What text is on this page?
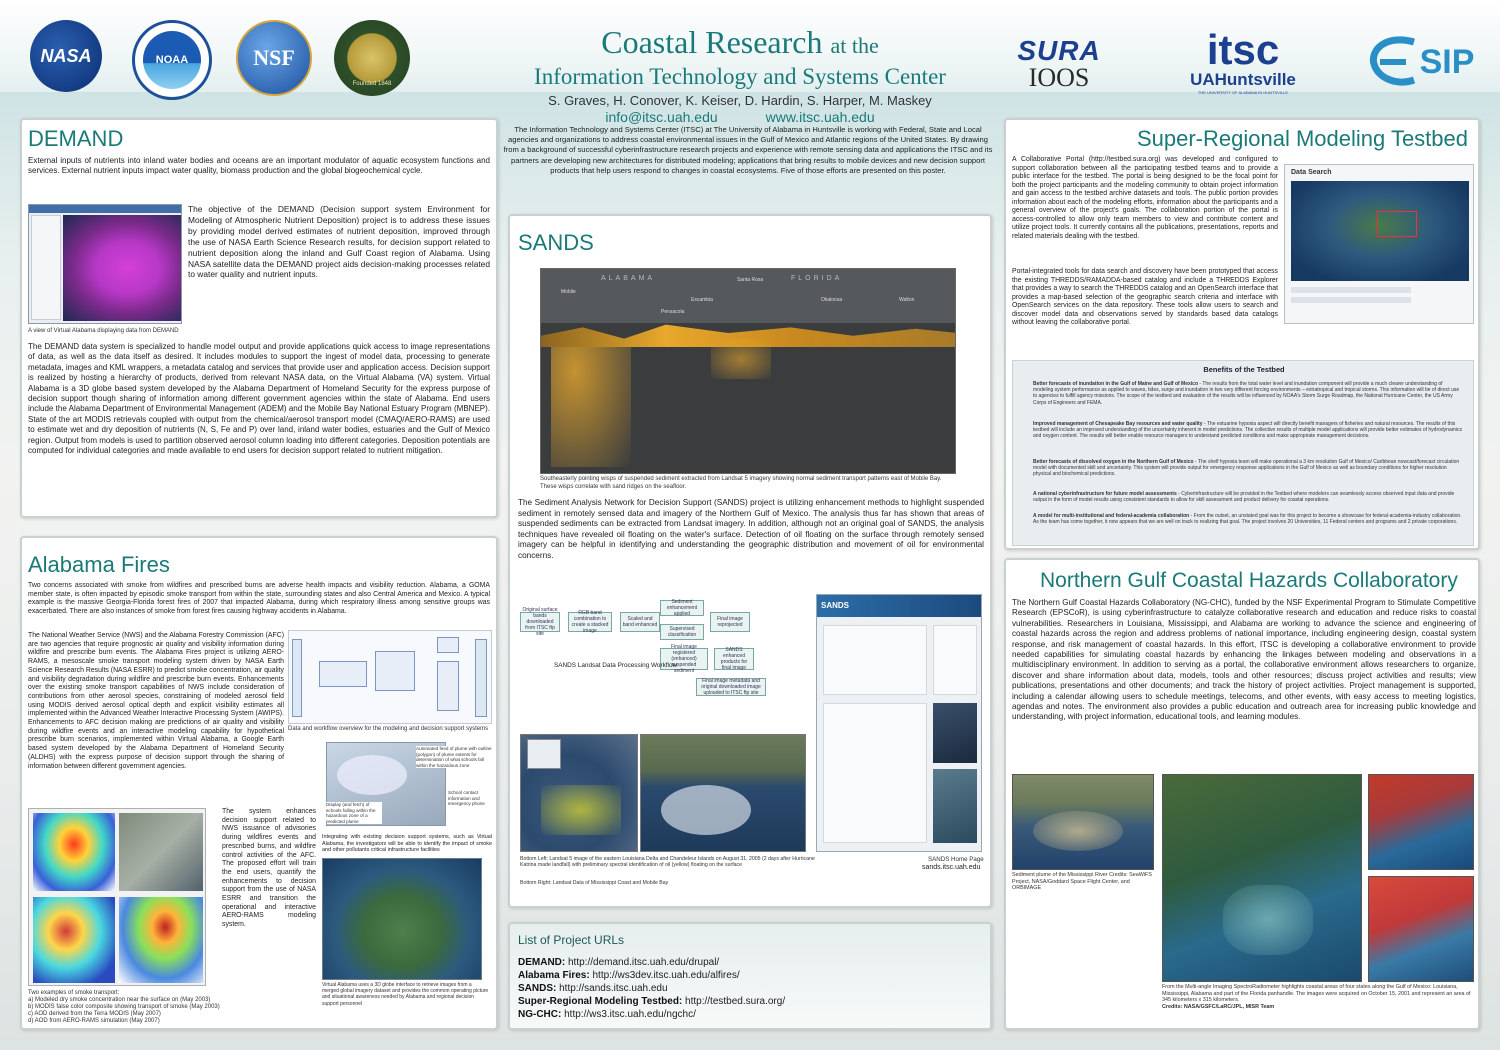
NASA	NOAA	NSF
Founded 1848
Coastal Research at the
Information Technology and Systems Center
S. Graves, H. Conover, K. Keiser, D. Hardin, S. Harper, M. Maskey
info@itsc.uah.edu	www.itsc.uah.edu
SURA
IOOS
itsc
UAHuntsville
THE UNIVERSITY OF ALABAMA IN HUNTSVILLE
SIP
The Information Technology and Systems Center (ITSC) at The University of Alabama in Huntsville is working with Federal, State and Local agencies and organizations to address coastal environmental issues in the Gulf of Mexico and Atlantic regions of the United States. By drawing from a background of successful cyberinfrastructure research projects and experience with remote sensing data and applications the ITSC and its partners are developing new architectures for distributed modeling; applications that bring results to mobile devices and new decision support products that help users respond to changes in coastal ecosystems. Five of those efforts are presented on this poster.
DEMAND
External inputs of nutrients into inland water bodies and oceans are an important modulator of aquatic ecosystem functions and services. External nutrient inputs impact water quality, biomass production and the global biogeochemical cycle.
A view of Virtual Alabama displaying data from DEMAND
The objective of the DEMAND (Decision support system Environment for Modeling of Atmospheric Nutrient Deposition) project is to address these issues by providing model derived estimates of nutrient deposition, improved through the use of NASA Earth Science Research results, for decision support related to nutrient deposition along the inland and Gulf Coast region of Alabama. Using NASA satellite data the DEMAND project aids decision-making processes related to water quality and nutrient inputs.
The DEMAND data system is specialized to handle model output and provide applications quick access to image representations of data, as well as the data itself as desired. It includes modules to support the ingest of model data, processing to generate metadata, images and KML wrappers, a metadata catalog and services that provide user and application access. Decision support is realized by hosting a hierarchy of products, derived from relevant NASA data, on the Virtual Alabama (VA) system. Virtual Alabama is a 3D globe based system developed by the Alabama Department of Homeland Security for the express purpose of decision support though sharing of information among different government agencies within the state of Alabama. End users include the Alabama Department of Environmental Management (ADEM) and the Mobile Bay National Estuary Program (MBNEP). State of the art MODIS retrievals coupled with output from the chemical/aerosol transport model (CMAQ/AERO-RAMS) are used to estimate wet and dry deposition of nutrients (N, S, Fe and P) over land, inland water bodies, estuaries and the Gulf of Mexico region. Output from models is used to partition observed aerosol column loading into different categories. Deposition potentials are computed for individual categories and made available to end users for decision support related to nutrient mitigation.
Alabama Fires
Two concerns associated with smoke from wildfires and prescribed burns are adverse health impacts and visibility reduction. Alabama, a GOMA member state, is often impacted by episodic smoke transport from within the state, surrounding states and also Central America and Mexico. A typical example is the massive Georgia-Florida forest fires of 2007 that impacted Alabama, during which respiratory illness among sensitive groups was exacerbated. There are also instances of smoke from forest fires causing highway accidents in Alabama.
The National Weather Service (NWS) and the Alabama Forestry Commission (AFC) are two agencies that require prognostic air quality and visibility information during wildfire and prescribe burn events. The Alabama Fires project is utilizing AERO-RAMS, a mesoscale smoke transport modeling system driven by NASA Earth Science Research Results (NASA ESRR) to predict smoke concentration, air quality and visibility degradation during wildfire and prescribe burn events. Enhancements over the existing smoke transport capabilities of NWS include consideration of contributions from other aerosol species, constraining of modeled aerosol field using MODIS derived aerosol optical depth and explicit visibility estimates all implemented within the Advanced Weather Interactive Processing System (AWIPS). Enhancements to AFC decision making are predictions of air quality and visibility during wildfire events and an interactive modeling capability for hypothetical prescribe burn scenarios, implemented within Virtual Alabama, a Google Earth based system developed by the Alabama Department of Homeland Security (ALDHS) with the express purpose of decision support through the sharing of information between different government agencies.
Data and workflow overview for the modeling and decision support systems
Automated feed of plume with outline (polygon) of plume extents for determination of what schools fall within the hazardous zone
School contact information and emergency phone
Display (and fetch) of schools falling within the hazardous zone of a predicted plume
Integrating with existing decision support systems, such as Virtual Alabama, the investigators will be able to identify the impact of smoke and other pollutants critical infrastructure facilities
Virtual Alabama uses a 3D globe interface to retrieve images from a merged global imagery dataset and provides the common operating picture and situational awareness needed by Alabama and regional decision support personnel
The system enhances decision support related to NWS issuance of advisories during wildfires events and prescribed burns, and wildfire control activities of the AFC. The proposed effort will train the end users, quantify the enhancements to decision support from the use of NASA ESRR and transition the operational and interactive AERO-RAMS modeling system.
Two examples of smoke transport:
a) Modeled dry smoke concentration near the surface on (May 2003)
b) MODIS false color composite showing transport of smoke (May 2003)
c) AOD derived from the Terra MODIS (May 2007)
d) AOD from AERO-RAMS simulation (May 2007)
SANDS
Mobile
Pensacola
Santa Rosa
Escambia	Okaloosa	Walton
FLORIDA
ALABAMA
Southeasterly pointing wisps of suspended sediment extracted from Landsat 5 imagery showing normal sediment transport patterns east of Mobile Bay. These wisps correlate with sand ridges on the seafloor.
The Sediment Analysis Network for Decision Support (SANDS) project is utilizing enhancement methods to highlight suspended sediment in remotely sensed data and imagery of the Northern Gulf of Mexico. The analysis thus far has shown that areas of suspended sediments can be extracted from Landsat imagery. In addition, although not an original goal of SANDS, the analysis techniques have revealed oil floating on the water's surface. Detection of oil floating on the surface through remotely sensed imagery can be helpful in identifying and understanding the geographic distribution and movement of oil for environmental concerns.
Original surface bands downloaded from ITSC ftp site
RGB band combination to create a stacked image
Scaled and band enhanced
Sediment enhancement applied
Supervised classification
Final image reprojected
Final image registered (enhanced) suspended sediment
SANDS enhanced products for final image
Final image metadata and original downloaded image uploaded to ITSC ftp site
SANDS Landsat Data Processing Workflow
SANDS
SANDS Home Page
sands.itsc.uah.edu
Bottom Left: Landsat 5 image of the eastern Louisiana Delta and Chandeleur Islands on August 31, 2005 (2 days after Hurricane Katrina made landfall) with preliminary spectral identification of oil (yellow) floating on the surface
Bottom Right: Landsat Data of Mississippi Coast and Mobile Bay
List of Project URLs
DEMAND: http://demand.itsc.uah.edu/drupal/
Alabama Fires: http://ws3dev.itsc.uah.edu/alfires/
SANDS: http://sands.itsc.uah.edu
Super-Regional Modeling Testbed: http://testbed.sura.org/
NG-CHC: http://ws3.itsc.uah.edu/ngchc/
Super-Regional Modeling Testbed
A Collaborative Portal (http://testbed.sura.org) was developed and configured to support collaboration between all the participating testbed teams and to provide a public interface for the testbed. The portal is being designed to be the focal point for both the project participants and the modeling community to obtain project information and gain access to the testbed archive datasets and tools. The public portion provides information about each of the modeling efforts, information about the participants and a general overview of the project's goals. The collaboration portion of the portal is access-controlled to allow only team members to view and contribute content and utilize project tools. It currently contains all the publications, presentations, reports and related materials dealing with the testbed.
Portal-integrated tools for data search and discovery have been prototyped that access the existing THREDDS/RAMADDA-based catalog and include a THREDDS Explorer that provides a way to search the THREDDS catalog and an OpenSearch interface that provides a map-based selection of the geographic search criteria and interface with OpenSearch services on the data repository. These tools allow users to search and discover model data and observations served by standards based data catalogs without leaving the collaborative portal.
Data Search
Benefits of the Testbed
Better forecasts of inundation in the Gulf of Maine and Gulf of Mexico - The results from the total water level and inundation component will provide a much clearer understanding of modeling system performance as applied to waves, tides, surge and inundation in two very different forcing environments – extratropical and tropical storms. This information will be of direct use to agencies to fulfill agency missions. The scope of the testbed and evaluation of the results will be influenced by NOAA's Storm Surge Roadmap, the National Hurricane Center, the US Army Corps of Engineers and FEMA.
Improved management of Chesapeake Bay resources and water quality - The estuarine hypoxia aspect will directly benefit managers of fisheries and natural resources. The results of this testbed will include an improved understanding of the uncertainty inherent in model predictions. The collective results of multiple model applications will provide better estimates of hydrodynamics and oxygen content. The results will better enable resource managers to understand predicted conditions and make appropriate management decisions.
Better forecasts of dissolved oxygen in the Northern Gulf of Mexico - The shelf hypoxia team will make operational a 3 km resolution Gulf of Mexico/ Caribbean nowcast/forecast circulation model with documented skill and uncertainty. This system will provide output for emergency response applications in the Gulf of Mexico as well as boundary conditions for higher resolution physical and biochemical predictions.
A national cyberinfrastructure for future model assessments - Cyberinfrastructure will be provided in the Testbed where modelers can seamlessly access observed input data and provide output in the form of model results using consistent standards to allow for skill assessment and product delivery for coastal operations.
A model for multi-institutional and federal-academia collaboration - From the outset, an unstated goal was for this project to become a showcase for federal-academia-industry collaboration. As the team has come together, it now appears that we are well on track to realizing that goal. The project involves 20 Universities, 11 Federal centers and programs and 2 private corporations.
Northern Gulf Coastal Hazards Collaboratory
The Northern Gulf Coastal Hazards Collaboratory (NG-CHC), funded by the NSF Experimental Program to Stimulate Competitive Research (EPSCoR), is using cyberinfrastructure to catalyze collaborative research and education and reduce risks to coastal vulnerabilities. Researchers in Louisiana, Mississippi, and Alabama are working to advance the science and engineering of coastal hazards across the region and address problems of national importance, including engineering design, coastal system response, and risk management of coastal hazards. In this effort, ITSC is developing a collaborative environment to provide needed capabilities for simulating coastal hazards by enhancing the linkages between modeling and observations in a multidisciplinary environment. In addition to serving as a portal, the collaborative environment allows researchers to organize, discover and share information about data, models, tools and other resources; discuss project activities and results; view publications, presentations and other documents; and track the history of project activities. Project management is supported, including a calendar allowing users to schedule meetings, telecoms, and other events, with easy access to meeting logistics, agendas and notes. The environment also provides a public education and outreach area for increasing public knowledge and understanding, with project information, educational tools, and learning modules.
Sediment plume of the Mississippi River Credits: SeaWiFS Project, NASA/Goddard Space Flight Center, and ORBIMAGE
From the Multi-angle Imaging SpectroRadiometer highlights coastal areas of four states along the Gulf of Mexico: Louisiana, Mississippi, Alabama and part of the Florida panhandle. The images were acquired on October 15, 2001 and represent an area of 345 kilometers x 315 kilometers.
Credits: NASA/GSFC/LaRC/JPL, MISR Team
